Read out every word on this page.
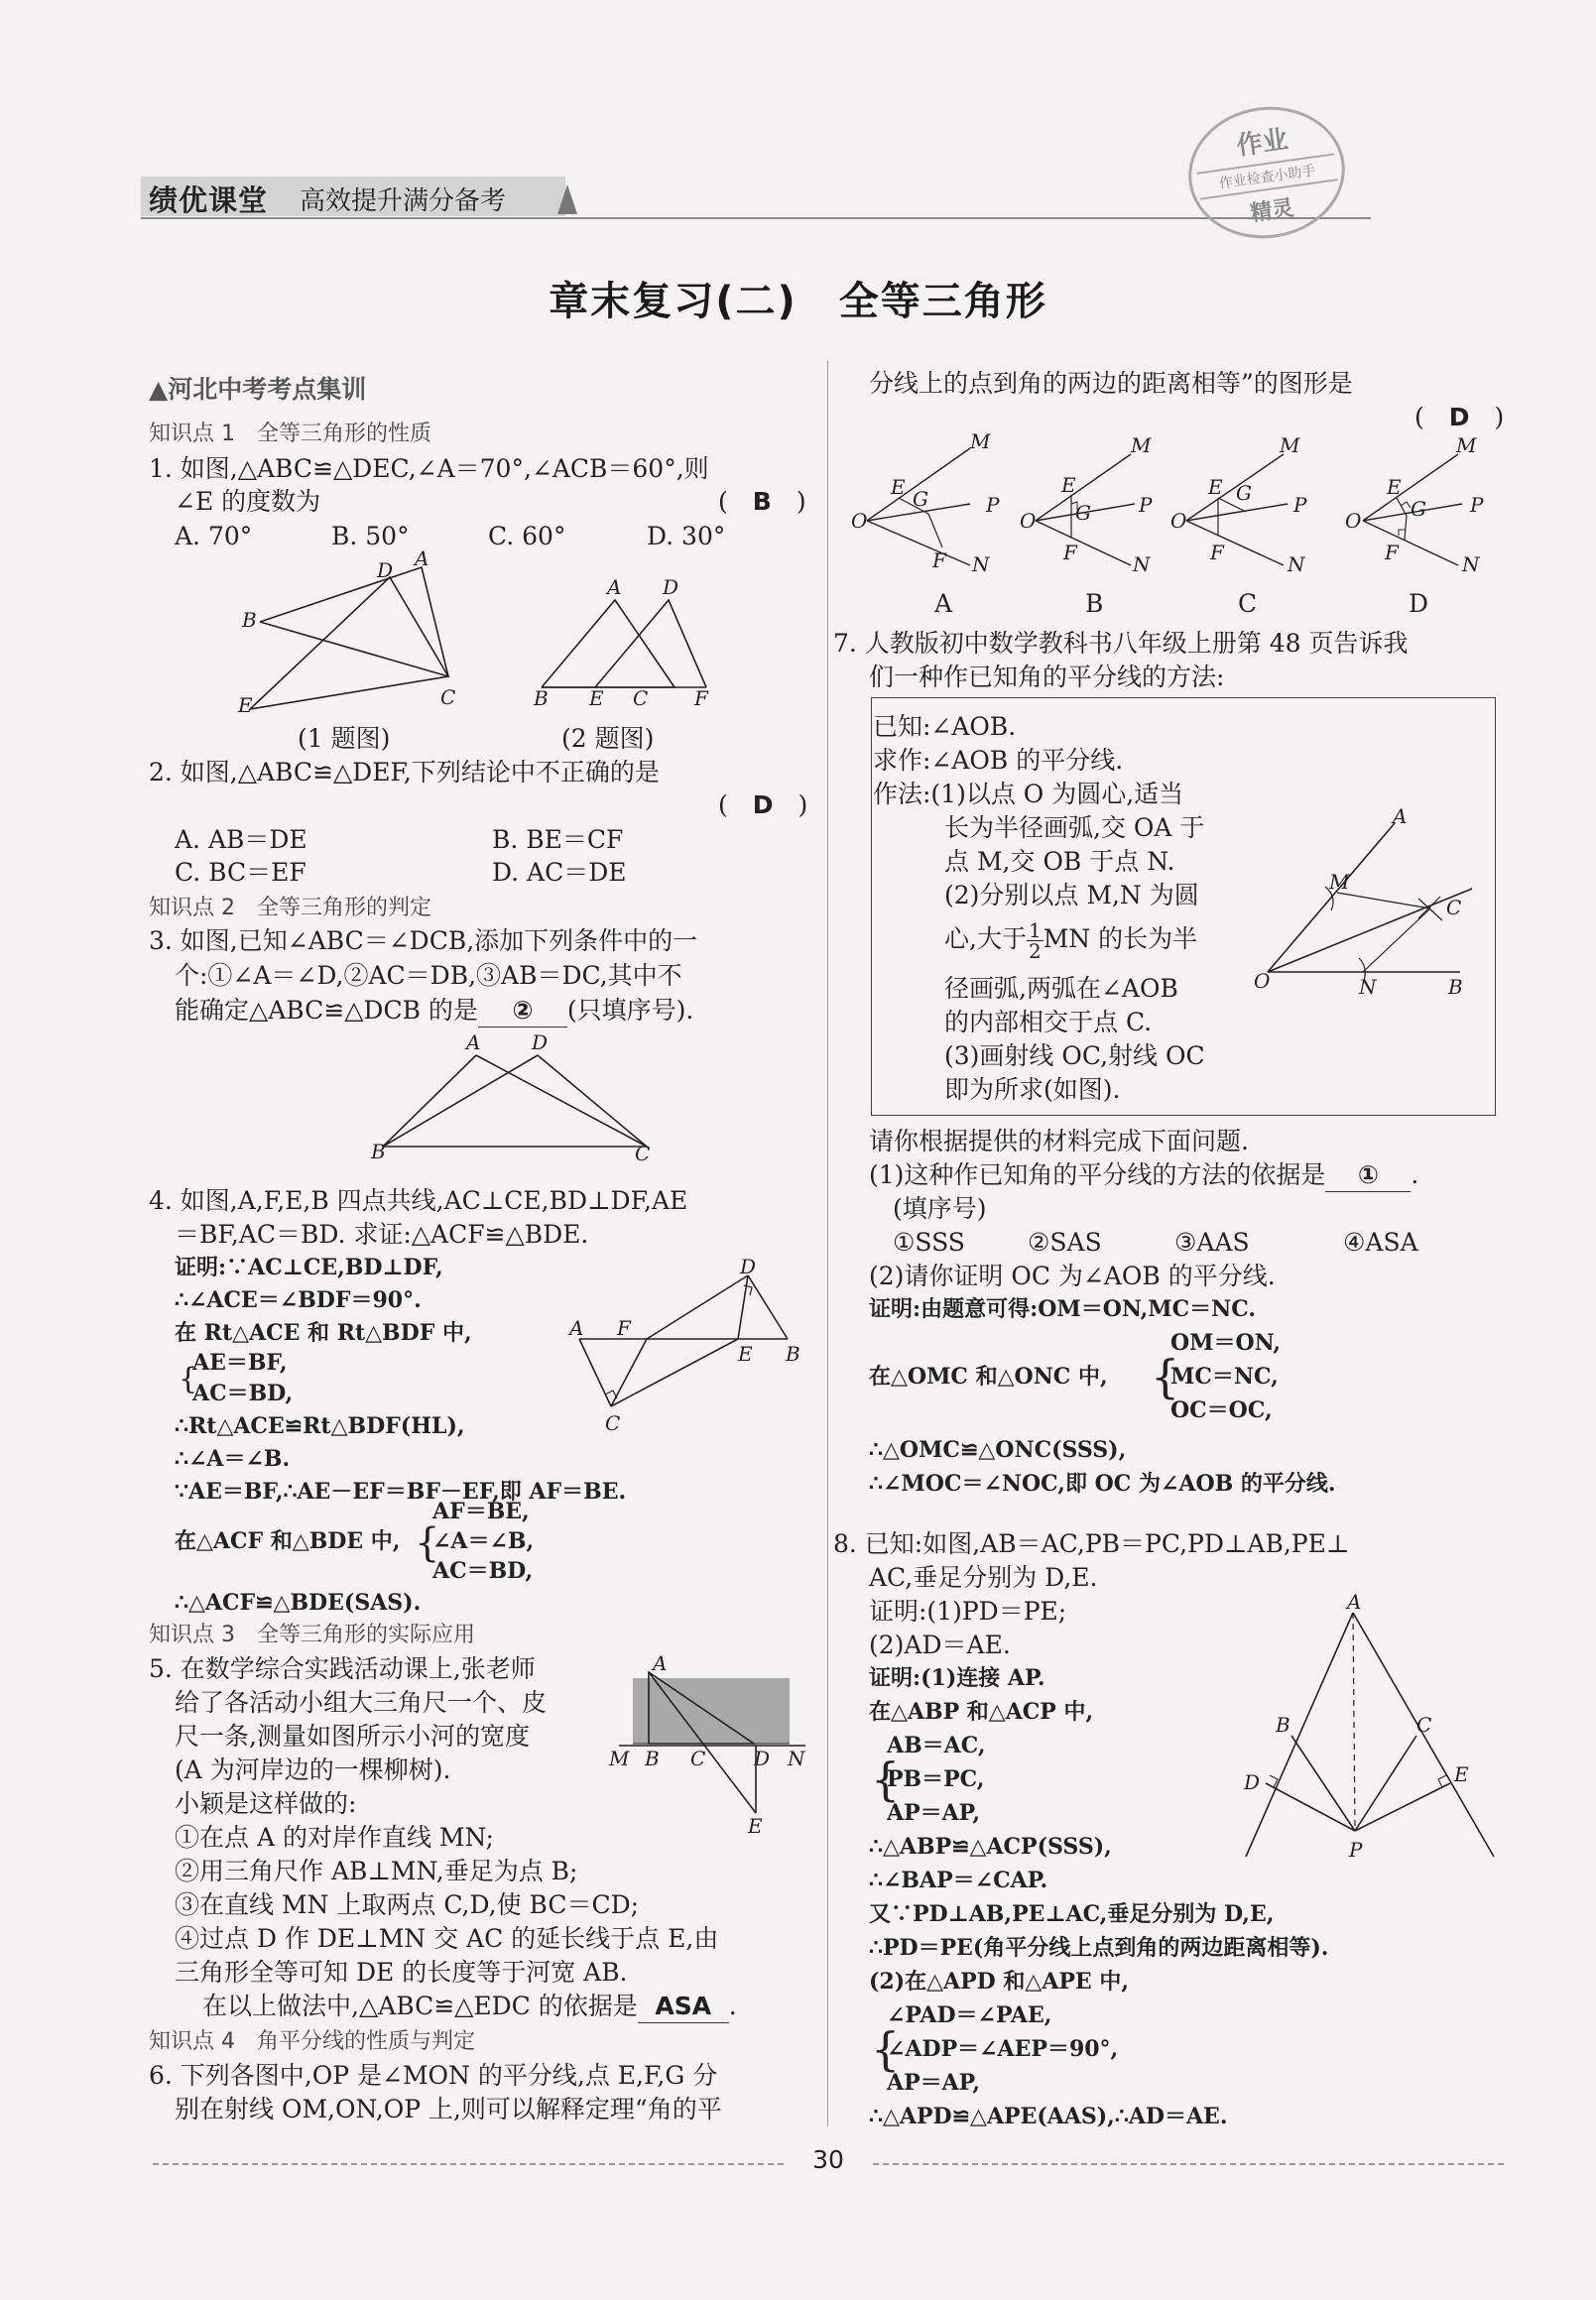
绩优课堂 高效提升满分备考
作业
作业检查小助手
精灵
章末复习(二)　全等三角形
▲河北中考考点集训
知识点 1　全等三角形的性质
1. 如图,△ABC≌△DEC,∠A＝70°,∠ACB＝60°,则
∠E 的度数为	(　B　)
A. 70°	B. 50°	C. 60°	D. 30°
D A
B
E	C
A D
B E C F
(1 题图)	(2 题图)
2. 如图,△ABC≌△DEF,下列结论中不正确的是
(　D　)
A. AB＝DE	B. BE＝CF
C. BC＝EF	D. AC＝DE
知识点 2　全等三角形的判定
3. 如图,已知∠ABC＝∠DCB,添加下列条件中的一
个:①∠A＝∠D,②AC＝DB,③AB＝DC,其中不
能确定△ABC≌△DCB 的是 ② (只填序号).
A	D
B	C
4. 如图,A,F,E,B 四点共线,AC⊥CE,BD⊥DF,AE
＝BF,AC＝BD. 求证:△ACF≌△BDE.
证明:∵AC⊥CE,BD⊥DF,
∴∠ACE＝∠BDF＝90°.
在 Rt△ACE 和 Rt△BDF 中,
{
AE＝BF,
AC＝BD,
∴Rt△ACE≌Rt△BDF(HL),
∴∠A＝∠B.
∵AE＝BF,∴AE－EF＝BF－EF,即 AF＝BE.
在△ACF 和△BDE 中, {
AF＝BE,
∠A＝∠B,
AC＝BD,
∴△ACF≌△BDE(SAS).
A F
D
E B
C
知识点 3　全等三角形的实际应用
5. 在数学综合实践活动课上,张老师
给了各活动小组大三角尺一个、皮
尺一条,测量如图所示小河的宽度
(A 为河岸边的一棵柳树).
小颖是这样做的:
①在点 A 的对岸作直线 MN;
②用三角尺作 AB⊥MN,垂足为点 B;
③在直线 MN 上取两点 C,D,使 BC＝CD;
④过点 D 作 DE⊥MN 交 AC 的延长线于点 E,由
三角形全等可知 DE 的长度等于河宽 AB.
在以上做法中,△ABC≌△EDC 的依据是 ASA .
A
M B C D N
E
知识点 4　角平分线的性质与判定
6. 下列各图中,OP 是∠MON 的平分线,点 E,F,G 分
别在射线 OM,ON,OP 上,则可以解释定理“角的平
分线上的点到角的两边的距离相等”的图形是
(　D　)
O
M
P
N
E G
F
O
M
P
N
E
G
F
O
M
P
N
E G
F
O
M
P
N
E
G
F
A	B	C	D
7. 人教版初中数学教科书八年级上册第 48 页告诉我
们一种作已知角的平分线的方法:
已知:∠AOB.
求作:∠AOB 的平分线.
作法:(1)以点 O 为圆心,适当
长为半径画弧,交 OA 于
点 M,交 OB 于点 N.
(2)分别以点 M,N 为圆
心,大于 $\frac{1}{2}$ MN 的长为半
径画弧,两弧在∠AOB
的内部相交于点 C.
(3)画射线 OC,射线 OC
即为所求(如图).
O	N	B
M
C
A
请你根据提供的材料完成下面问题.
(1)这种作已知角的平分线的方法的依据是 ① .
(填序号)
①SSS	②SAS	③AAS	④ASA
(2)请你证明 OC 为∠AOB 的平分线.
证明:由题意可得:OM＝ON,MC＝NC.
在△OMC 和△ONC 中, {
OM＝ON,
MC＝NC,
OC＝OC,
∴△OMC≌△ONC(SSS),
∴∠MOC＝∠NOC,即 OC 为∠AOB 的平分线.
8. 已知:如图,AB＝AC,PB＝PC,PD⊥AB,PE⊥
AC,垂足分别为 D,E.
证明:(1)PD＝PE;
(2)AD＝AE.
证明:(1)连接 AP.
在△ABP 和△ACP 中,
{
AB＝AC,
PB＝PC,
AP＝AP,
∴△ABP≌△ACP(SSS),
∴∠BAP＝∠CAP.
又∵PD⊥AB,PE⊥AC,垂足分别为 D,E,
∴PD＝PE(角平分线上点到角的两边距离相等).
(2)在△APD 和△APE 中,
{
∠PAD＝∠PAE,
∠ADP＝∠AEP＝90°,
AP＝AP,
∴△APD≌△APE(AAS),∴AD＝AE.
A
B	C
D	E
P
30
